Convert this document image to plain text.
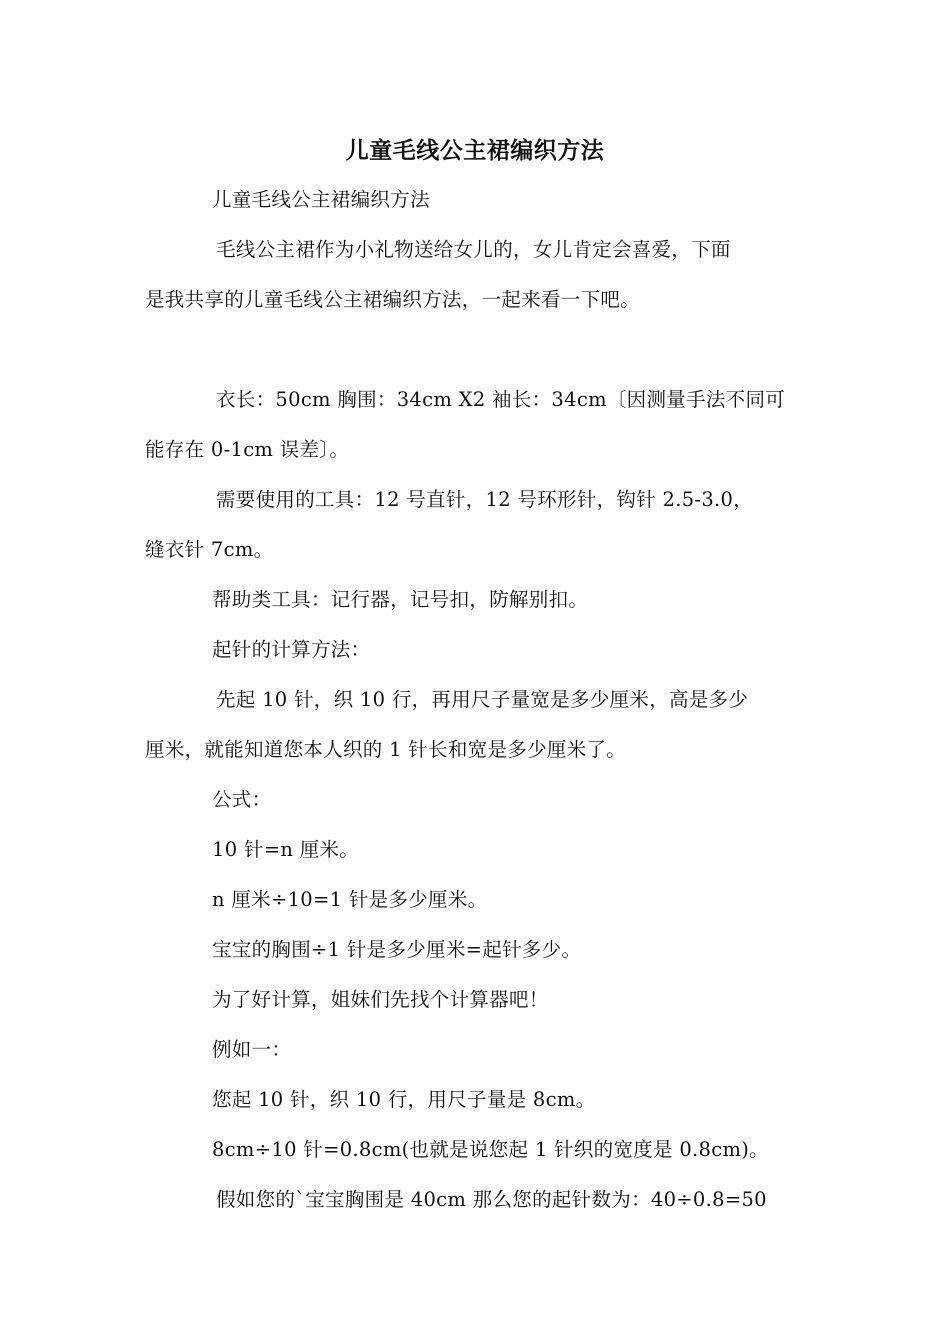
儿童毛线公主裙编织方法
儿童毛线公主裙编织方法
毛线公主裙作为小礼物送给女儿的，女儿肯定会喜爱，下面
是我共享的儿童毛线公主裙编织方法，一起来看一下吧。
衣长：50cm 胸围：34cm X2 袖长：34cm〔因测量手法不同可
能存在 0-1cm 误差〕。
需要使用的工具：12 号直针，12 号环形针，钩针 2.5-3.0，
缝衣针 7cm。
帮助类工具：记行器，记号扣，防解别扣。
起针的计算方法：
先起 10 针，织 10 行，再用尺子量宽是多少厘米，高是多少
厘米，就能知道您本人织的 1 针长和宽是多少厘米了。
公式：
10 针=n 厘米。
n 厘米÷10=1 针是多少厘米。
宝宝的胸围÷1 针是多少厘米=起针多少。
为了好计算，姐妹们先找个计算器吧！
例如一：
您起 10 针，织 10 行，用尺子量是 8cm。
8cm÷10 针=0.8cm(也就是说您起 1 针织的宽度是 0.8cm)。
假如您的`宝宝胸围是 40cm 那么您的起针数为：40÷0.8=50
